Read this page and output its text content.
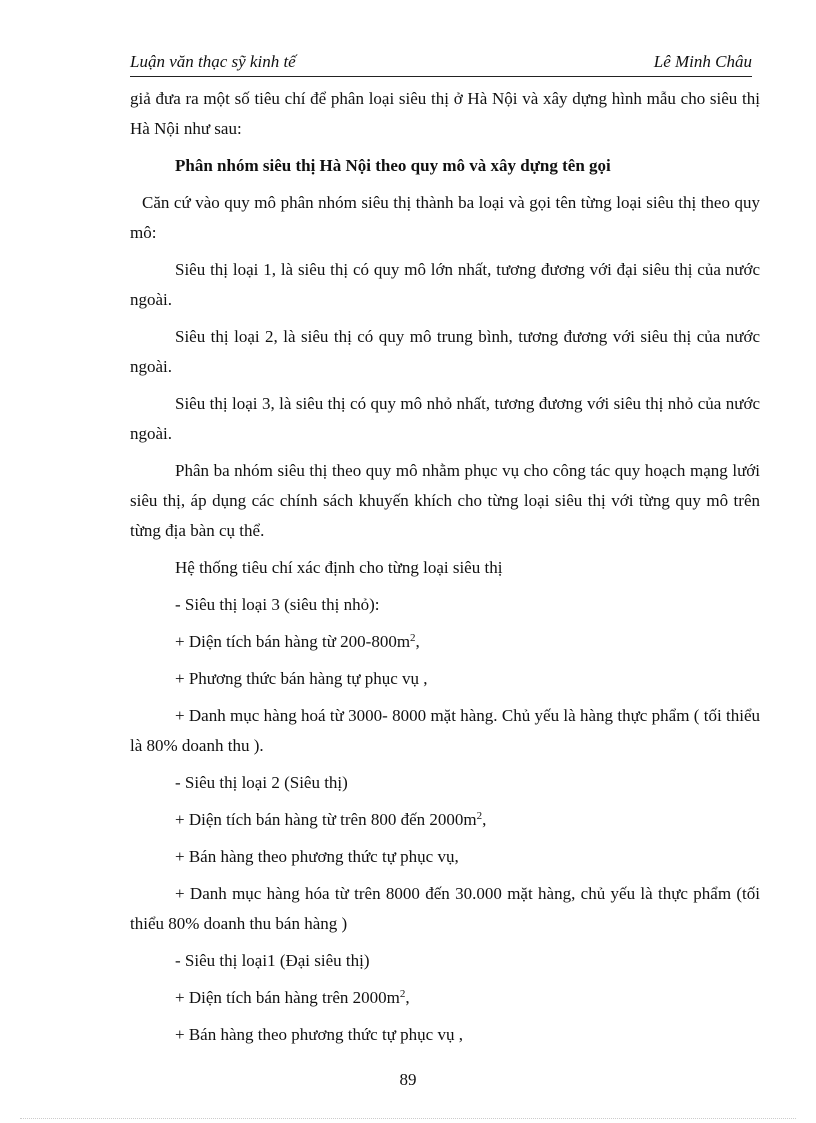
Luận văn thạc sỹ kinh tế	Lê Minh Châu

giả đưa ra một số tiêu chí để phân loại siêu thị ở Hà Nội và xây dựng hình mẫu cho siêu thị Hà Nội như sau:

Phân nhóm siêu thị Hà Nội theo quy mô và xây dựng tên gọi

Căn cứ vào quy mô phân nhóm siêu thị thành ba loại và gọi tên từng loại siêu thị theo quy mô:

Siêu thị loại 1, là siêu thị có quy mô lớn nhất, tương đương với đại siêu thị của nước ngoài.

Siêu thị loại 2, là siêu thị có quy mô trung bình, tương đương với siêu thị của nước ngoài.

Siêu thị loại 3, là siêu thị có quy mô nhỏ nhất, tương đương với siêu thị nhỏ của nước ngoài.

Phân ba nhóm siêu thị theo quy mô nhằm phục vụ cho công tác quy hoạch mạng lưới siêu thị, áp dụng các chính sách khuyến khích cho từng loại siêu thị với từng quy mô trên từng địa bàn cụ thể.

Hệ thống tiêu chí xác định cho từng loại siêu thị

- Siêu thị loại 3 (siêu thị nhỏ):

+ Diện tích bán hàng từ $200-800m^2$,

+ Phương thức bán hàng tự phục vụ ,

+ Danh mục hàng hoá từ 3000- 8000 mặt hàng. Chủ yếu là hàng thực phẩm ( tối thiểu là 80% doanh thu ).

- Siêu thị loại 2 (Siêu thị)

+ Diện tích bán hàng từ trên 800 đến $2000m^2$,

+ Bán hàng theo phương thức tự phục vụ,

+ Danh mục hàng hóa từ trên 8000 đến 30.000 mặt hàng, chủ yếu là thực phẩm (tối thiểu 80% doanh thu bán hàng )

- Siêu thị loại1 (Đại siêu thị)

+ Diện tích bán hàng trên $2000m^2$,

+ Bán hàng theo phương thức tự phục vụ ,

89
